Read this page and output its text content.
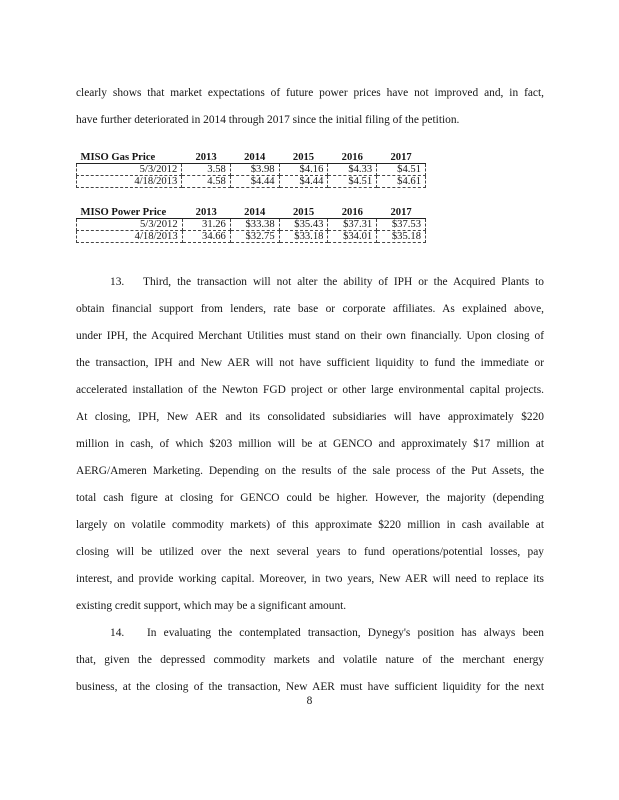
clearly shows that market expectations of future power prices have not improved and, in fact,
have further deteriorated in 2014 through 2017 since the initial filing of the petition.
MISO Gas Price	2013	2014	2015	2016	2017
5/3/2012	3.58	$3.98	$4.16	$4.33	$4.51
4/18/2013	4.58	$4.44	$4.44	$4.51	$4.61
MISO Power Price	2013	2014	2015	2016	2017
5/3/2012	31.26	$33.38	$35.43	$37.31	$37.53
4/18/2013	34.66	$32.75	$33.18	$34.01	$35.18
13. Third, the transaction will not alter the ability of IPH or the Acquired Plants to
obtain financial support from lenders, rate base or corporate affiliates. As explained above,
under IPH, the Acquired Merchant Utilities must stand on their own financially. Upon closing of
the transaction, IPH and New AER will not have sufficient liquidity to fund the immediate or
accelerated installation of the Newton FGD project or other large environmental capital projects.
At closing, IPH, New AER and its consolidated subsidiaries will have approximately $220
million in cash, of which $203 million will be at GENCO and approximately $17 million at
AERG/Ameren Marketing. Depending on the results of the sale process of the Put Assets, the
total cash figure at closing for GENCO could be higher. However, the majority (depending
largely on volatile commodity markets) of this approximate $220 million in cash available at
closing will be utilized over the next several years to fund operations/potential losses, pay
interest, and provide working capital. Moreover, in two years, New AER will need to replace its
existing credit support, which may be a significant amount.
14. In evaluating the contemplated transaction, Dynegy's position has always been
that, given the depressed commodity markets and volatile nature of the merchant energy
business, at the closing of the transaction, New AER must have sufficient liquidity for the next
8
